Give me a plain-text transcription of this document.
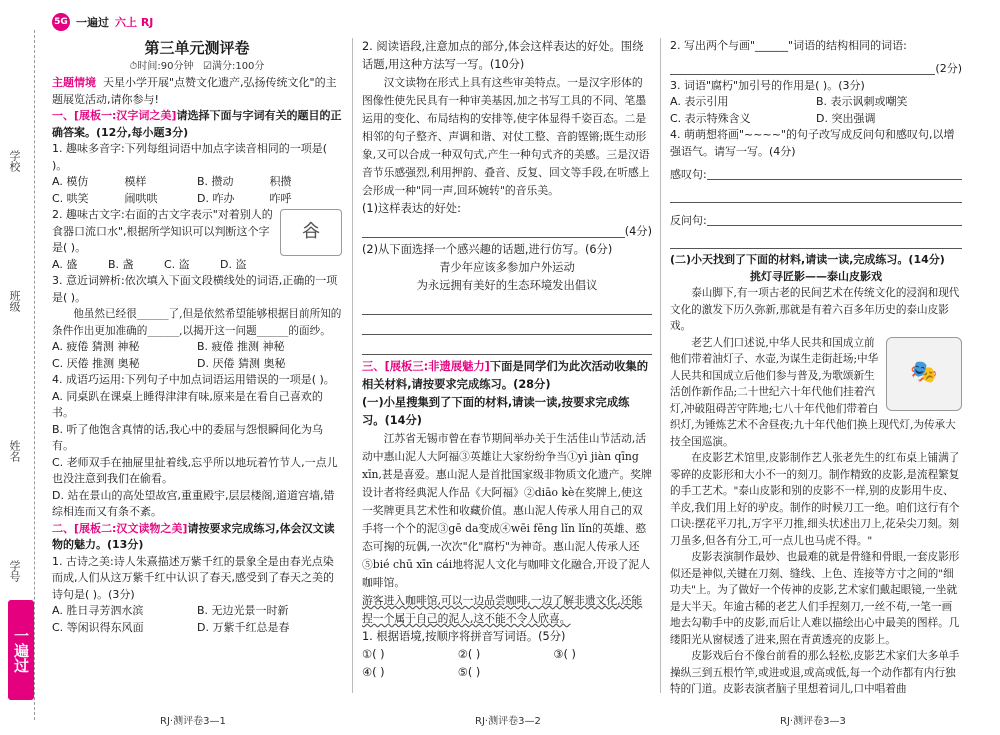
学校
班级
姓名
学号
一遍过
5G 一遍过 六上 RJ
第三单元测评卷
⏱时间:90分钟 ☑满分:100分

主题情境 天星小学开展"点赞文化遗产,弘扬传统文化"的主题展览活动,请你参与!

一、[展板一:汉字词之美]请选择下面与字词有关的题目的正确答案。(12分,每小题3分)

1. 趣味多音字:下列每组词语中加点字读音相同的一项是( )。

A. 模仿	模样	B. 攒动	积攒
C. 哄笑	闹哄哄	D. 咋办	咋呼
𧮫

2. 趣味古文字:右面的古文字表示"对着别人的食器口流口水",根据所学知识可以判断这个字是( )。

A. 盛	B. 盏	C. 盗	D. 盗

3. 意近词辨析:依次填入下面文段横线处的词语,正确的一项是( )。

他虽然已经很______了,但是依然希望能够根据目前所知的条件作出更加准确的______,以揭开这一问题______的面纱。

A. 疲倦 猜测 神秘	B. 疲倦 推测 神秘
C. 厌倦 推测 奥秘	D. 厌倦 猜测 奥秘

4. 成语巧运用:下列句子中加点词语运用错误的一项是( )。

A. 同桌趴在课桌上睡得津津有味,原来是在看自己喜欢的书。

B. 听了他饱含真情的话,我心中的委屈与怨恨瞬间化为乌有。

C. 老师双手在抽屉里扯着线,忘乎所以地玩着竹节人,一点儿也没注意到我们在偷看。

D. 站在景山的高处望故宫,重重殿宇,层层楼阁,道道宫墙,错综相连而又有条不紊。

二、[展板二:汉文读物之美]请按要求完成练习,体会汉文读物的魅力。(13分)

1. 古诗之美:诗人朱熹描述万紫千红的景象全是由春光点染而成,人们从这万紫千红中认识了春天,感受到了春天之美的诗句是( )。(3分)

A. 胜日寻芳泗水滨	B. 无边光景一时新
C. 等闲识得东风面	D. 万紫千红总是春
RJ·测评卷3—1

2. 阅读语段,注意加点的部分,体会这样表达的好处。围绕话题,用这种方法写一写。(10分)

汉文读物在形式上具有这些审美特点。一是汉字形体的图像性使先民具有一种审美基因,加之书写工具的不同、笔墨运用的变化、布局结构的安排等,使字体显得千姿百态。二是相邻的句子整齐、声调和谐、对仗工整、音韵铿锵;既生动形象,又可以合成一种双句式,产生一种句式齐的美感。三是汉语音节乐感强烈,利用押韵、叠音、反复、回文等手段,在听感上会形成一种"同一声,回环婉转"的音乐美。

(1)这样表达的好处:

(4分)

(2)从下面选择一个感兴趣的话题,进行仿写。(6分)

青少年应该多参加户外运动

为永远拥有美好的生态环境发出倡议

三、[展板三:非遗展魅力]下面是同学们为此次活动收集的相关材料,请按要求完成练习。(28分)

(一)小星搜集到了下面的材料,请读一读,按要求完成练习。(14分)

江苏省无锡市曾在春节期间举办关于生活佳山节活动,活动中惠山泥人大阿福③英雄让大家纷纷争当①yì jiàn qīng xīn,甚是喜爱。惠山泥人是首批国家级非物质文化遗产。奖牌设计者将经典泥人作品《大阿福》②diāo kè在奖牌上,使这一奖牌更具艺术性和收藏价值。惠山泥人传承人用自己的双手将一个个的泥③gē da变成④wēi fēng lǐn lǐn的英雄、憨态可掬的玩偶,一次次"化"腐朽"为神奇。惠山泥人传承人还⑤bié chū xīn cái地将泥人文化与咖啡文化融合,开设了泥人咖啡馆。

游客进入咖啡馆,可以一边品尝咖啡,一边了解非遗文化,还能捏一个属于自己的泥人,这不能不令人欣喜。

1. 根据语境,按顺序将拼音写词语。(5分)

①( )	②( )	③( )
④( )	⑤( )
RJ·测评卷3—2

2. 写出两个与画"______"词语的结构相同的词语:

(2分)

3. 词语"腐朽"加引号的作用是( )。(3分)

A. 表示引用	B. 表示讽刺或嘲笑
C. 表示特殊含义	D. 突出强调

4. 萌萌想将画"~~~~"的句子改写成反问句和感叹句,以增强语气。请写一写。(4分)

感叹句:
反问句:

(二)小天找到了下面的材料,请读一读,完成练习。(14分)

挑灯寻匠影——泰山皮影戏

泰山脚下,有一项古老的民间艺术在传统文化的浸润和现代文化的激发下历久弥新,那就是有着六百多年历史的泰山皮影戏。

🎭

老艺人们口述说,中华人民共和国成立前他们带着油灯子、水壶,为谋生走街赶场;中华人民共和国成立后他们参与普及,为歌颂新生活创作新作品;二十世纪六十年代他们挂着汽灯,冲破阻碍苦守阵地;七八十年代他们带着白织灯,为锤炼艺术不舍昼夜;九十年代他们换上现代灯,为传承大技全国巡演。

在皮影艺术馆里,皮影制作艺人张老先生的红布桌上铺满了零碎的皮影形和大小不一的刻刀。制作精致的皮影,是流程繁复的手工艺术。"泰山皮影和别的皮影不一样,别的皮影用牛皮、羊皮,我们用上好的驴皮。制作的时候刀工一绝。咱们这行有个口诀:摆花平刀扎,万字平刀推,细头状述出刀上,花朵尖刀刻。刻刀虽多,但各有分工,可一点儿也马虎不得。"

皮影表演制作最妙、也最难的就是骨缝和骨眼,一套皮影形似还是神似,关键在刀刻、缝线、上色、连接等方寸之间的"细功夫"上。为了做好一个传神的皮影,艺术家们戴起眼镜,一坐就是大半天。年逾古稀的老艺人们手捏刻刀,一丝不苟,一笔一画地去勾勒手中的皮影,而后让人难以描绘出心中最美的图样。几缕阳光从窗棂透了进来,照在青黄透亮的皮影上。

皮影戏后台不像台前看的那么轻松,皮影艺术家们大多单手操纵三到五根竹竿,或进或退,或高或低,每一个动作都有内行独特的门道。皮影表演者脑子里想着词儿,口中唱着曲

RJ·测评卷3—3
